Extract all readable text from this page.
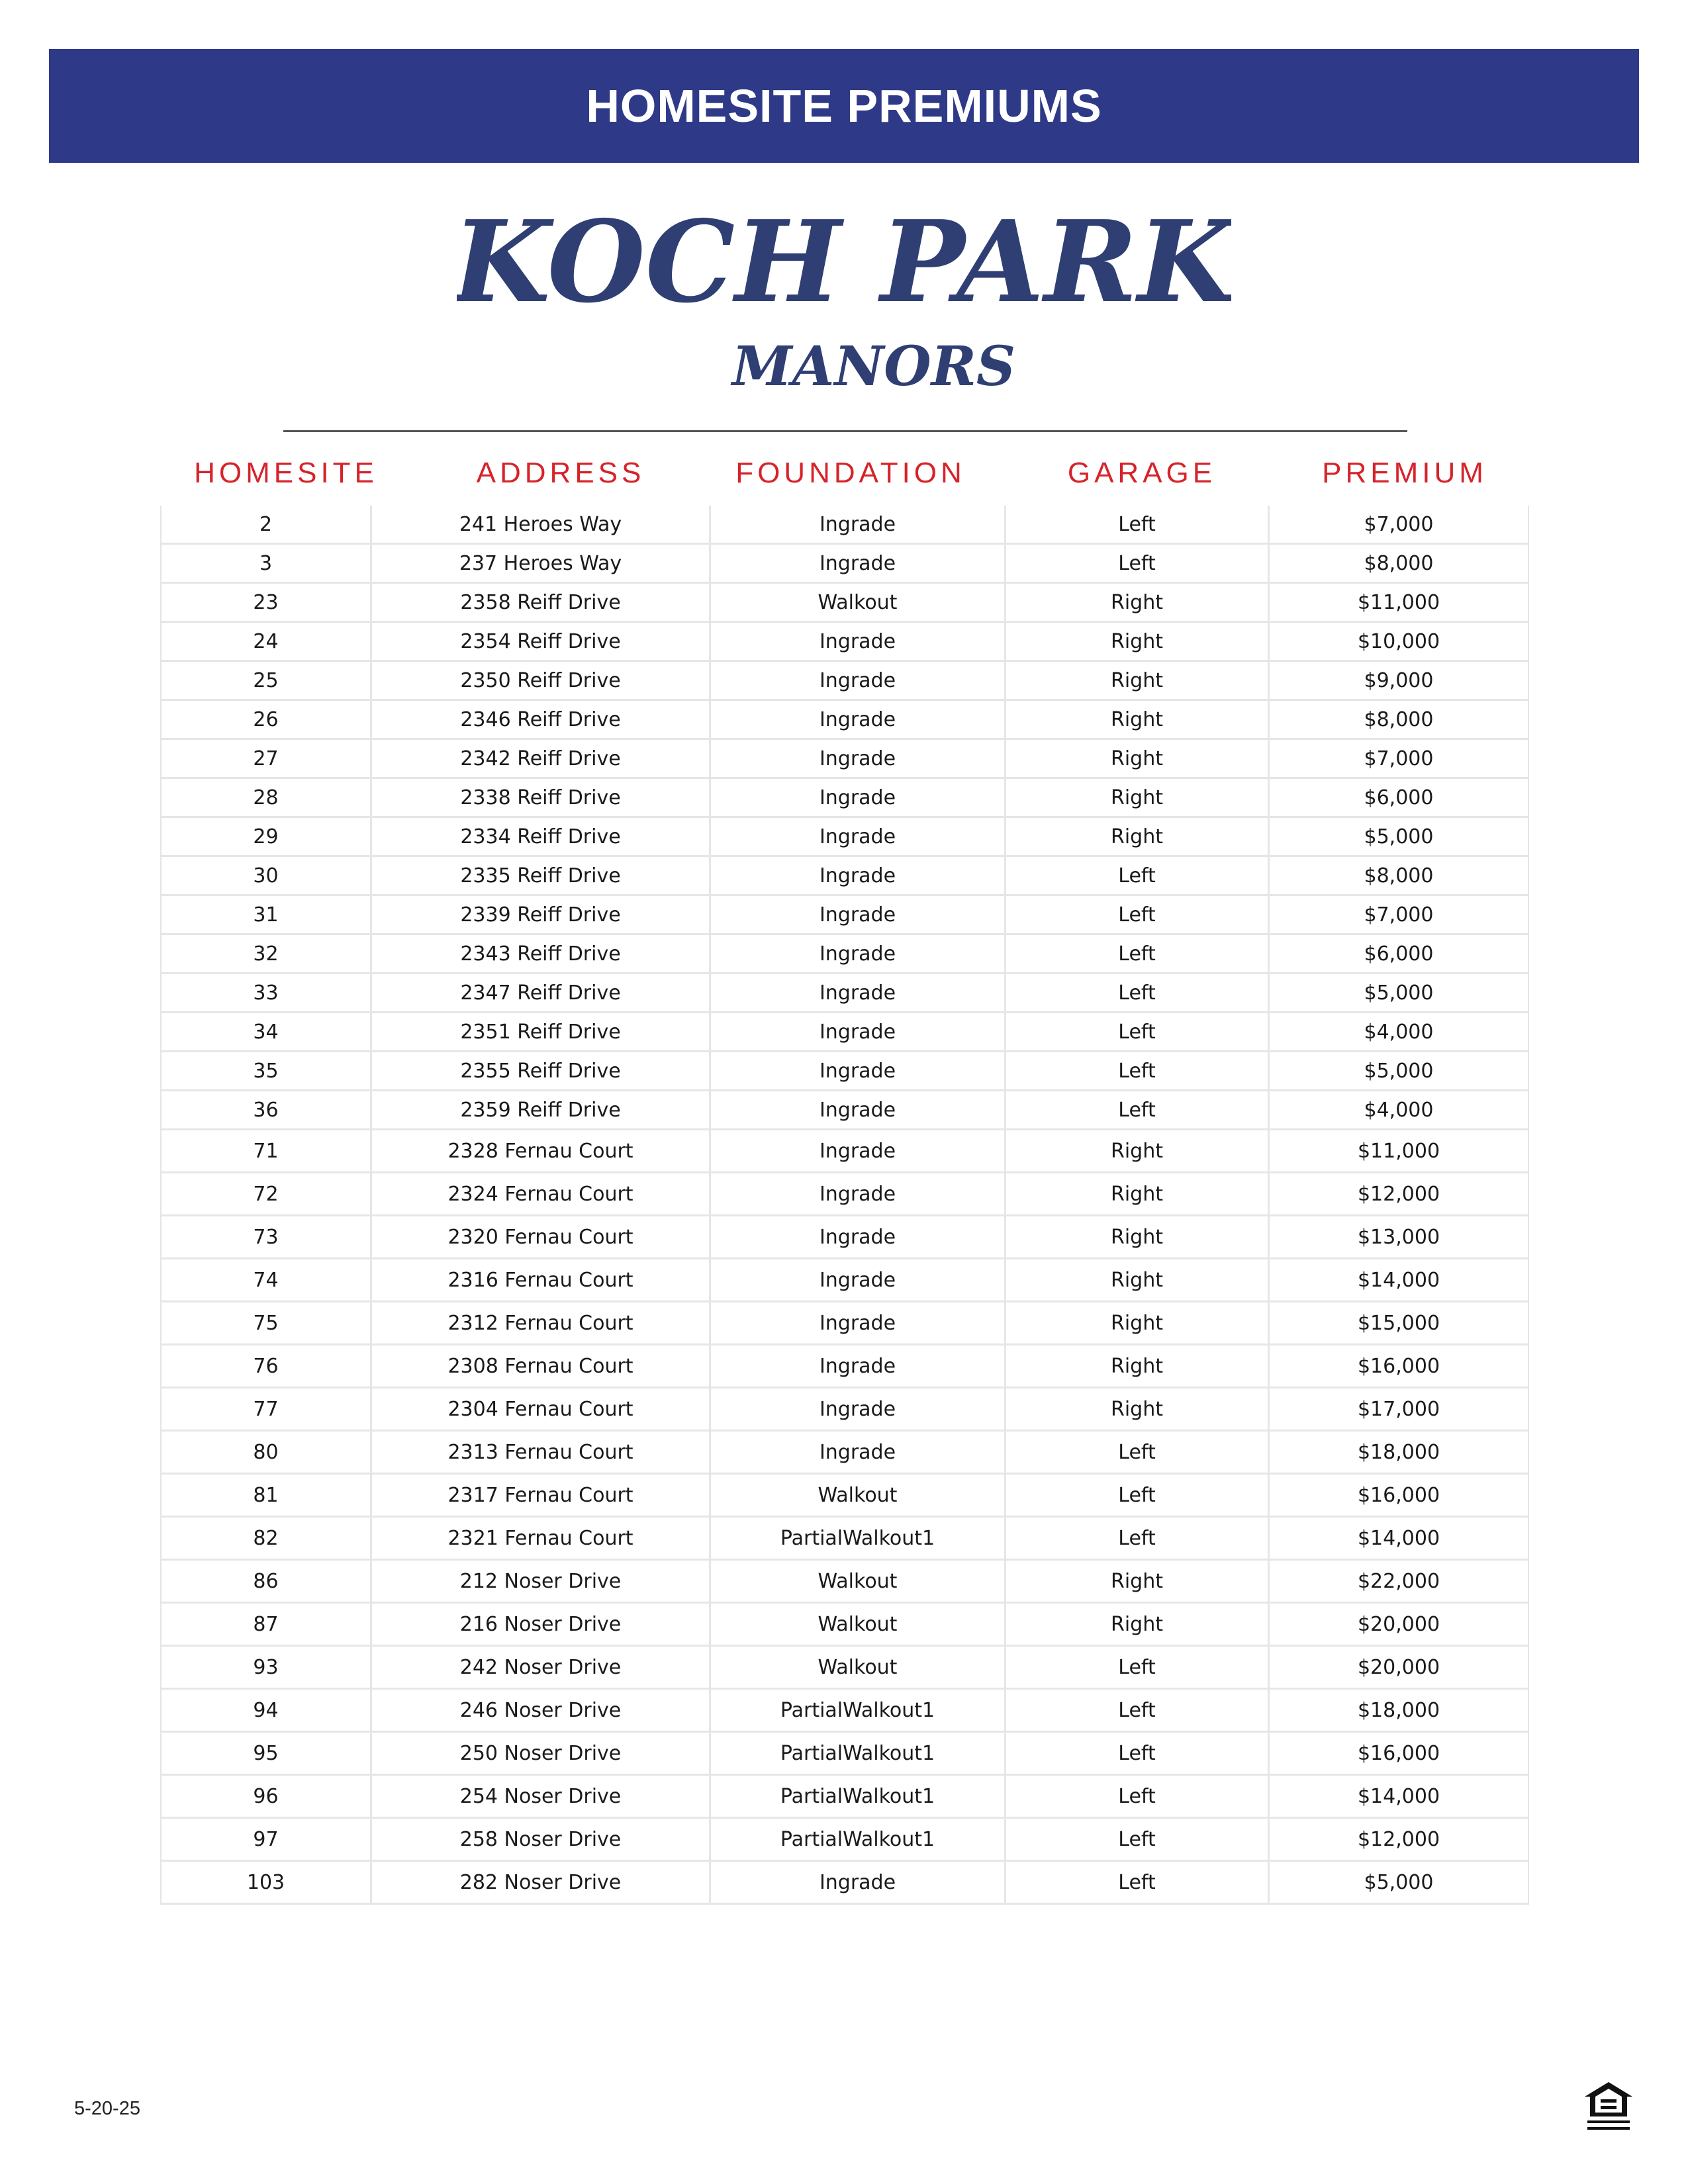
HOMESITE PREMIUMS
KOCH PARK
MANORS
HOMESITE	ADDRESS	FOUNDATION	GARAGE	PREMIUM
2	241 Heroes Way	Ingrade	Left	$7,000
3	237 Heroes Way	Ingrade	Left	$8,000
23	2358 Reiff Drive	Walkout	Right	$11,000
24	2354 Reiff Drive	Ingrade	Right	$10,000
25	2350 Reiff Drive	Ingrade	Right	$9,000
26	2346 Reiff Drive	Ingrade	Right	$8,000
27	2342 Reiff Drive	Ingrade	Right	$7,000
28	2338 Reiff Drive	Ingrade	Right	$6,000
29	2334 Reiff Drive	Ingrade	Right	$5,000
30	2335 Reiff Drive	Ingrade	Left	$8,000
31	2339 Reiff Drive	Ingrade	Left	$7,000
32	2343 Reiff Drive	Ingrade	Left	$6,000
33	2347 Reiff Drive	Ingrade	Left	$5,000
34	2351 Reiff Drive	Ingrade	Left	$4,000
35	2355 Reiff Drive	Ingrade	Left	$5,000
36	2359 Reiff Drive	Ingrade	Left	$4,000
71	2328 Fernau Court	Ingrade	Right	$11,000
72	2324 Fernau Court	Ingrade	Right	$12,000
73	2320 Fernau Court	Ingrade	Right	$13,000
74	2316 Fernau Court	Ingrade	Right	$14,000
75	2312 Fernau Court	Ingrade	Right	$15,000
76	2308 Fernau Court	Ingrade	Right	$16,000
77	2304 Fernau Court	Ingrade	Right	$17,000
80	2313 Fernau Court	Ingrade	Left	$18,000
81	2317 Fernau Court	Walkout	Left	$16,000
82	2321 Fernau Court	PartialWalkout1	Left	$14,000
86	212 Noser Drive	Walkout	Right	$22,000
87	216 Noser Drive	Walkout	Right	$20,000
93	242 Noser Drive	Walkout	Left	$20,000
94	246 Noser Drive	PartialWalkout1	Left	$18,000
95	250 Noser Drive	PartialWalkout1	Left	$16,000
96	254 Noser Drive	PartialWalkout1	Left	$14,000
97	258 Noser Drive	PartialWalkout1	Left	$12,000
103	282 Noser Drive	Ingrade	Left	$5,000
5-20-25
